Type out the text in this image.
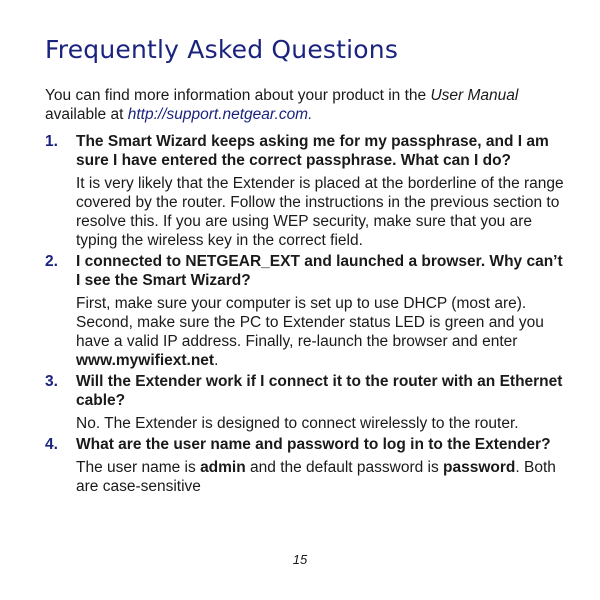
Frequently Asked Questions

You can find more information about your product in the User Manual available at http://support.netgear.com.

1. The Smart Wizard keeps asking me for my passphrase, and I am sure I have entered the correct passphrase. What can I do?

It is very likely that the Extender is placed at the borderline of the range covered by the router. Follow the instructions in the previous section to resolve this. If you are using WEP security, make sure that you are typing the wireless key in the correct field.

2. I connected to NETGEAR_EXT and launched a browser. Why can’t I see the Smart Wizard?

First, make sure your computer is set up to use DHCP (most are). Second, make sure the PC to Extender status LED is green and you have a valid IP address. Finally, re-launch the browser and enter www.mywifiext.net.

3. Will the Extender work if I connect it to the router with an Ethernet cable?

No. The Extender is designed to connect wirelessly to the router.

4. What are the user name and password to log in to the Extender?

The user name is admin and the default password is password. Both are case-sensitive

15
